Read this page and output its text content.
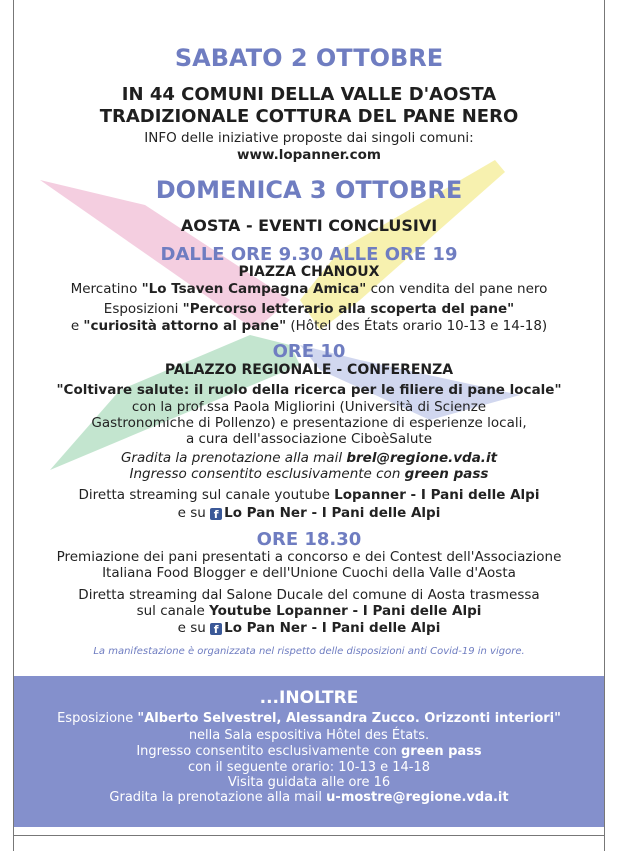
SABATO 2 OTTOBRE
IN 44 COMUNI DELLA VALLE D'AOSTA
TRADIZIONALE COTTURA DEL PANE NERO
INFO delle iniziative proposte dai singoli comuni:
www.lopanner.com
DOMENICA 3 OTTOBRE
AOSTA - EVENTI CONCLUSIVI
DALLE ORE 9.30 ALLE ORE 19
PIAZZA CHANOUX
Mercatino "Lo Tsaven Campagna Amica" con vendita del pane nero
Esposizioni "Percorso letterario alla scoperta del pane"
e "curiosità attorno al pane" (Hôtel des États orario 10-13 e 14-18)
ORE 10
PALAZZO REGIONALE - CONFERENZA
"Coltivare salute: il ruolo della ricerca per le filiere di pane locale"
con la prof.ssa Paola Migliorini (Università di Scienze
Gastronomiche di Pollenzo) e presentazione di esperienze locali,
a cura dell'associazione CiboèSalute
Gradita la prenotazione alla mail brel@regione.vda.it
Ingresso consentito esclusivamente con green pass
Diretta streaming sul canale youtube Lopanner - I Pani delle Alpi
e su f Lo Pan Ner - I Pani delle Alpi
ORE 18.30
Premiazione dei pani presentati a concorso e dei Contest dell'Associazione
Italiana Food Blogger e dell'Unione Cuochi della Valle d'Aosta
Diretta streaming dal Salone Ducale del comune di Aosta trasmessa
sul canale Youtube Lopanner - I Pani delle Alpi
e su f Lo Pan Ner - I Pani delle Alpi
La manifestazione è organizzata nel rispetto delle disposizioni anti Covid-19 in vigore.
...INOLTRE
Esposizione "Alberto Selvestrel, Alessandra Zucco. Orizzonti interiori"
nella Sala espositiva Hôtel des États.
Ingresso consentito esclusivamente con green pass
con il seguente orario: 10-13 e 14-18
Visita guidata alle ore 16
Gradita la prenotazione alla mail u-mostre@regione.vda.it
